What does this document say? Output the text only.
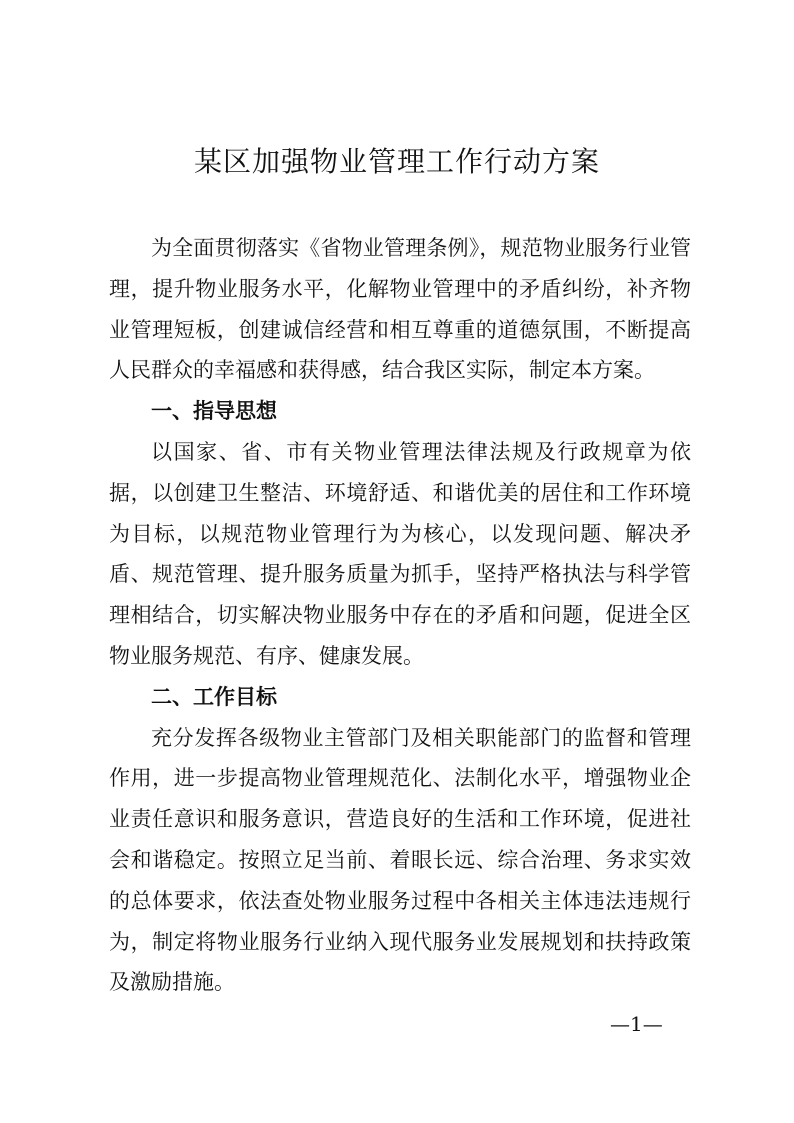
某区加强物业管理工作行动方案

为全面贯彻落实《省物业管理条例》，规范物业服务行业管理，提升物业服务水平，化解物业管理中的矛盾纠纷，补齐物业管理短板，创建诚信经营和相互尊重的道德氛围，不断提高人民群众的幸福感和获得感，结合我区实际，制定本方案。

一、指导思想

以国家、省、市有关物业管理法律法规及行政规章为依据，以创建卫生整洁、环境舒适、和谐优美的居住和工作环境为目标，以规范物业管理行为为核心，以发现问题、解决矛盾、规范管理、提升服务质量为抓手，坚持严格执法与科学管理相结合，切实解决物业服务中存在的矛盾和问题，促进全区物业服务规范、有序、健康发展。

二、工作目标

充分发挥各级物业主管部门及相关职能部门的监督和管理作用，进一步提高物业管理规范化、法制化水平，增强物业企业责任意识和服务意识，营造良好的生活和工作环境，促进社会和谐稳定。按照立足当前、着眼长远、综合治理、务求实效的总体要求，依法查处物业服务过程中各相关主体违法违规行为，制定将物业服务行业纳入现代服务业发展规划和扶持政策及激励措施。

—1—
